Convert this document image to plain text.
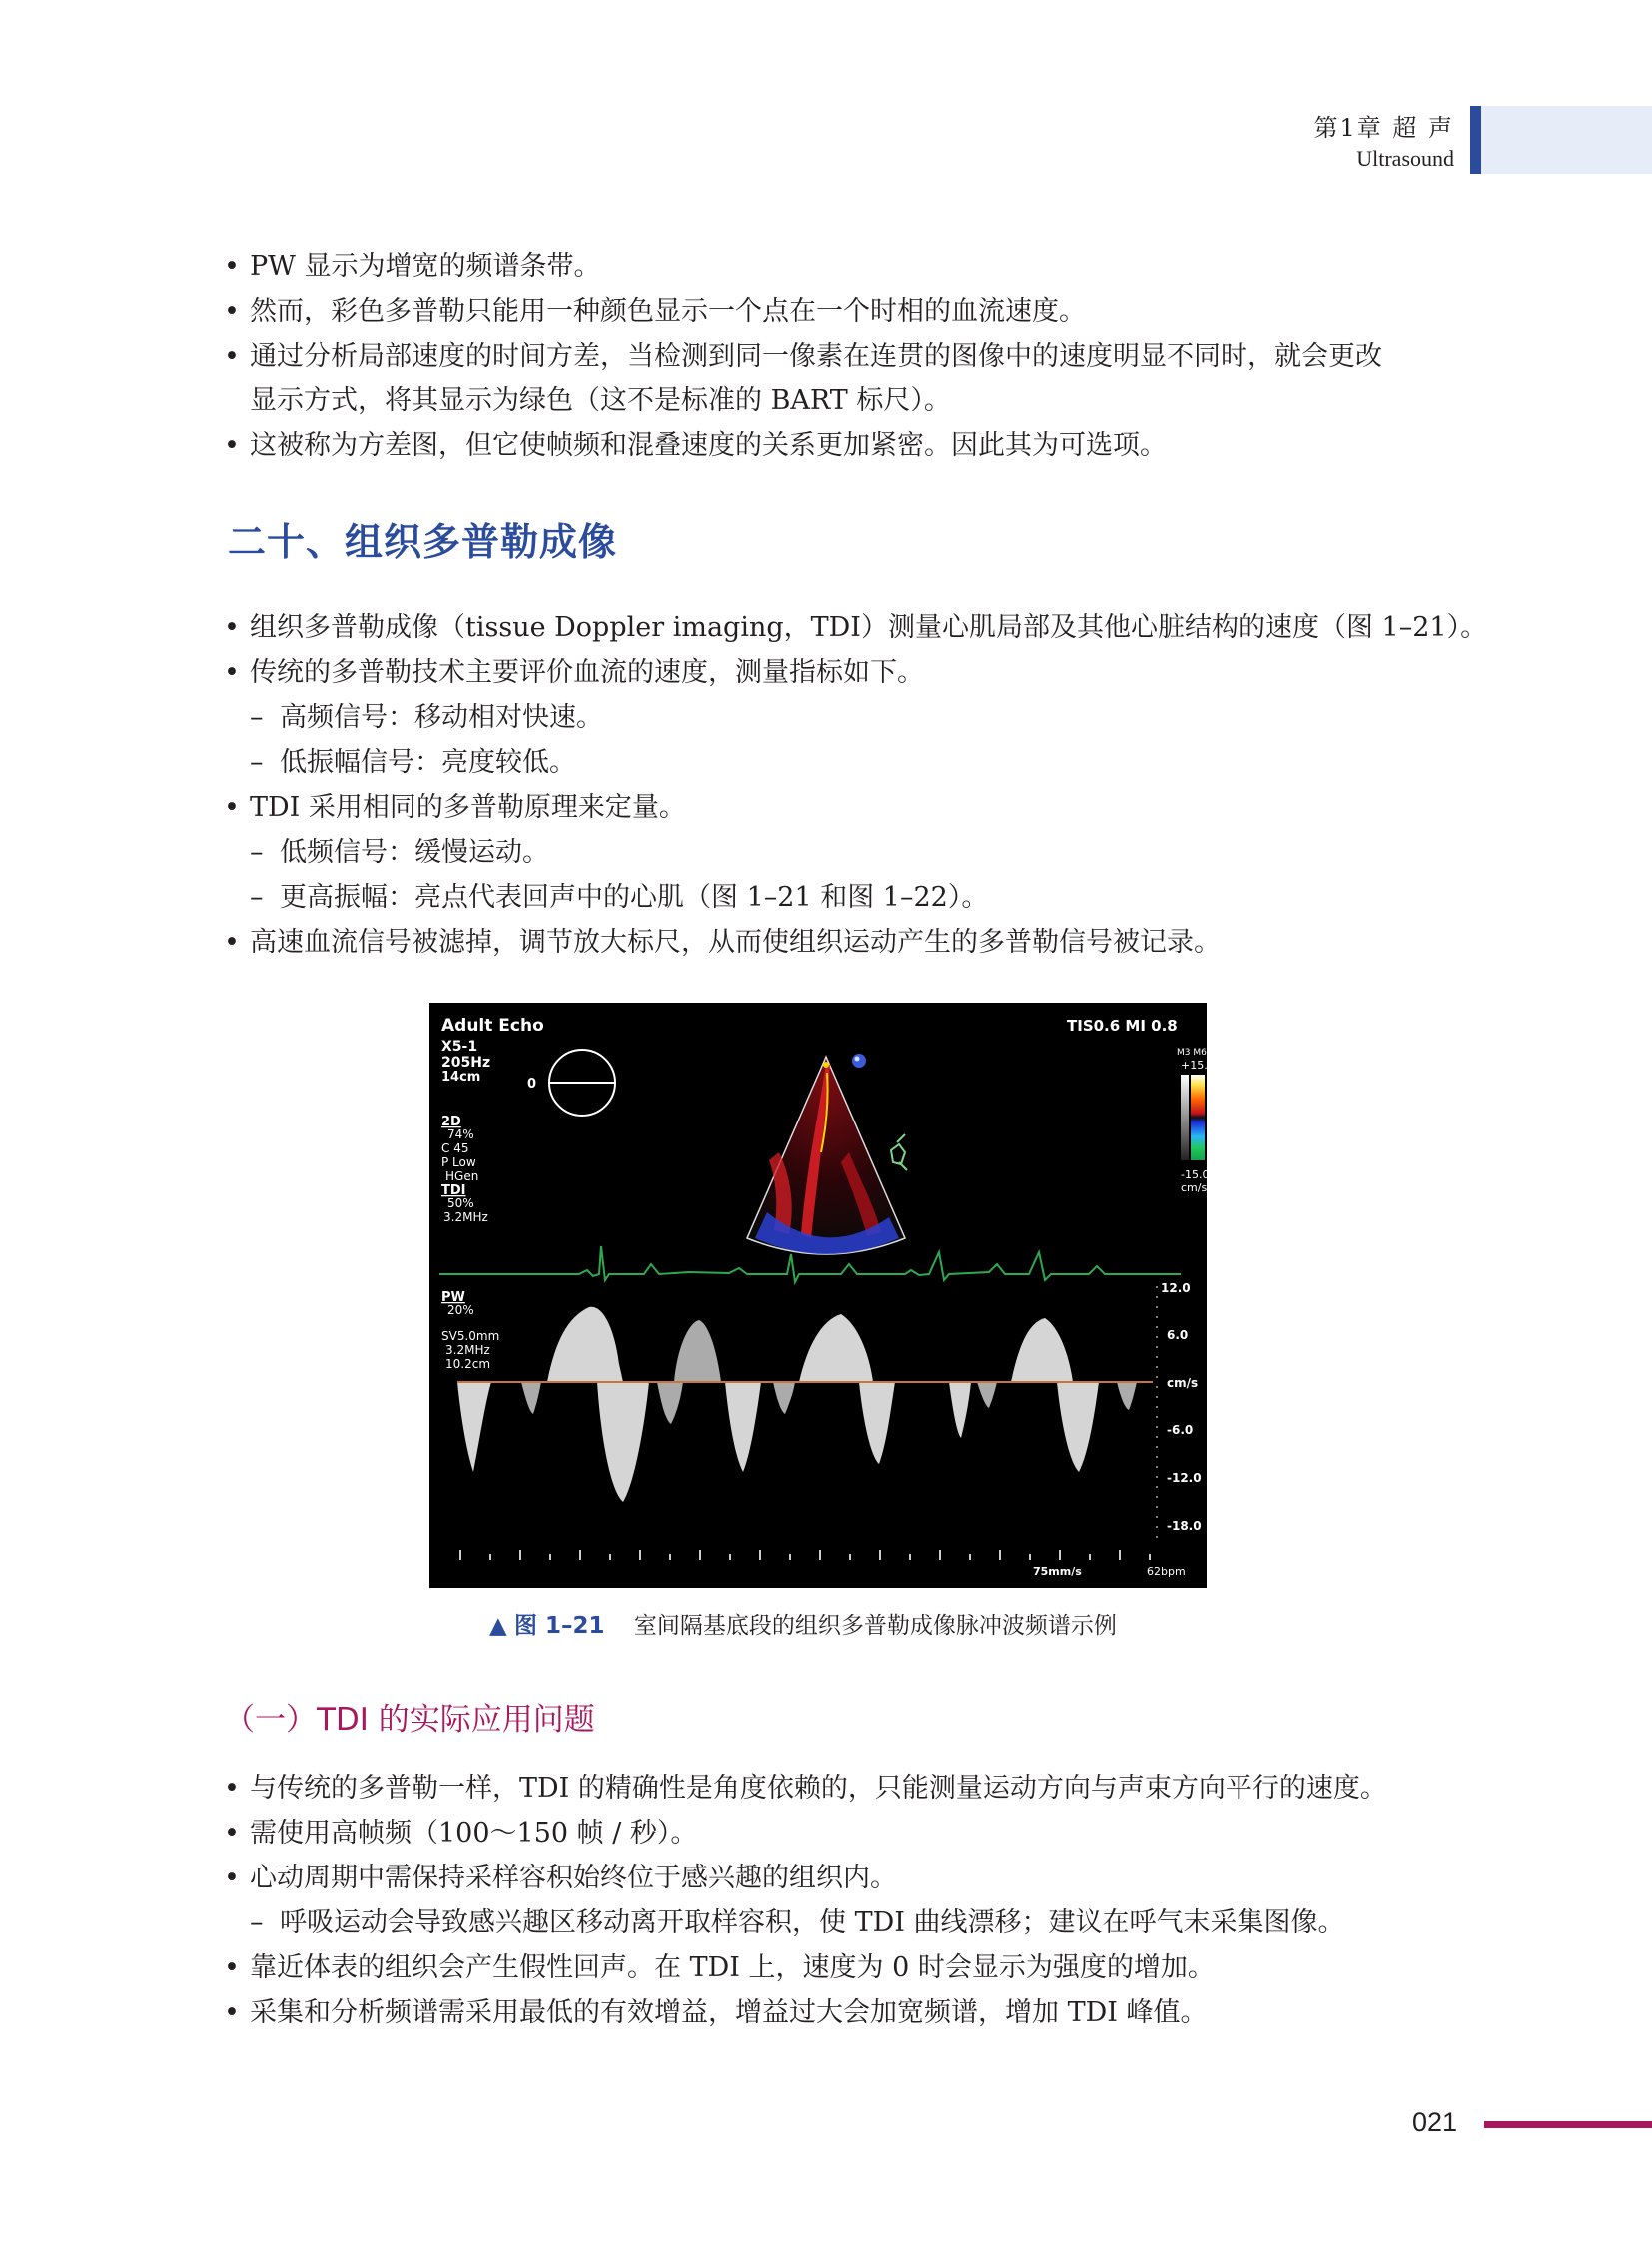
第1章 超 声
Ultrasound
• PW 显示为增宽的频谱条带。
• 然而，彩色多普勒只能用一种颜色显示一个点在一个时相的血流速度。
• 通过分析局部速度的时间方差，当检测到同一像素在连贯的图像中的速度明显不同时，就会更改
显示方式，将其显示为绿色（这不是标准的 BART 标尺）。
• 这被称为方差图，但它使帧频和混叠速度的关系更加紧密。因此其为可选项。
二十、组织多普勒成像
• 组织多普勒成像（tissue Doppler imaging，TDI）测量心肌局部及其他心脏结构的速度（图 1–21）。
• 传统的多普勒技术主要评价血流的速度，测量指标如下。
– 高频信号：移动相对快速。
– 低振幅信号：亮度较低。
• TDI 采用相同的多普勒原理来定量。
– 低频信号：缓慢运动。
– 更高振幅：亮点代表回声中的心肌（图 1–21 和图 1–22）。
• 高速血流信号被滤掉，调节放大标尺，从而使组织运动产生的多普勒信号被记录。
Adult Echo
X5-1
205Hz
14cm
2D
74%
C 45
P Low
HGen
TDI
50%
3.2MHz
PW
20%
SV5.0mm
3.2MHz
10.2cm
0
TIS0.6 MI 0.8
M3 M6
+15.0
-15.0
cm/s
12.0
6.0
cm/s
-6.0
-12.0
-18.0
75mm/s	62bpm
▲ 图 1–21 室间隔基底段的组织多普勒成像脉冲波频谱示例
（一）TDI 的实际应用问题
• 与传统的多普勒一样，TDI 的精确性是角度依赖的，只能测量运动方向与声束方向平行的速度。
• 需使用高帧频（100～150 帧 / 秒）。
• 心动周期中需保持采样容积始终位于感兴趣的组织内。
– 呼吸运动会导致感兴趣区移动离开取样容积，使 TDI 曲线漂移；建议在呼气末采集图像。
• 靠近体表的组织会产生假性回声。在 TDI 上，速度为 0 时会显示为强度的增加。
• 采集和分析频谱需采用最低的有效增益，增益过大会加宽频谱，增加 TDI 峰值。
021
